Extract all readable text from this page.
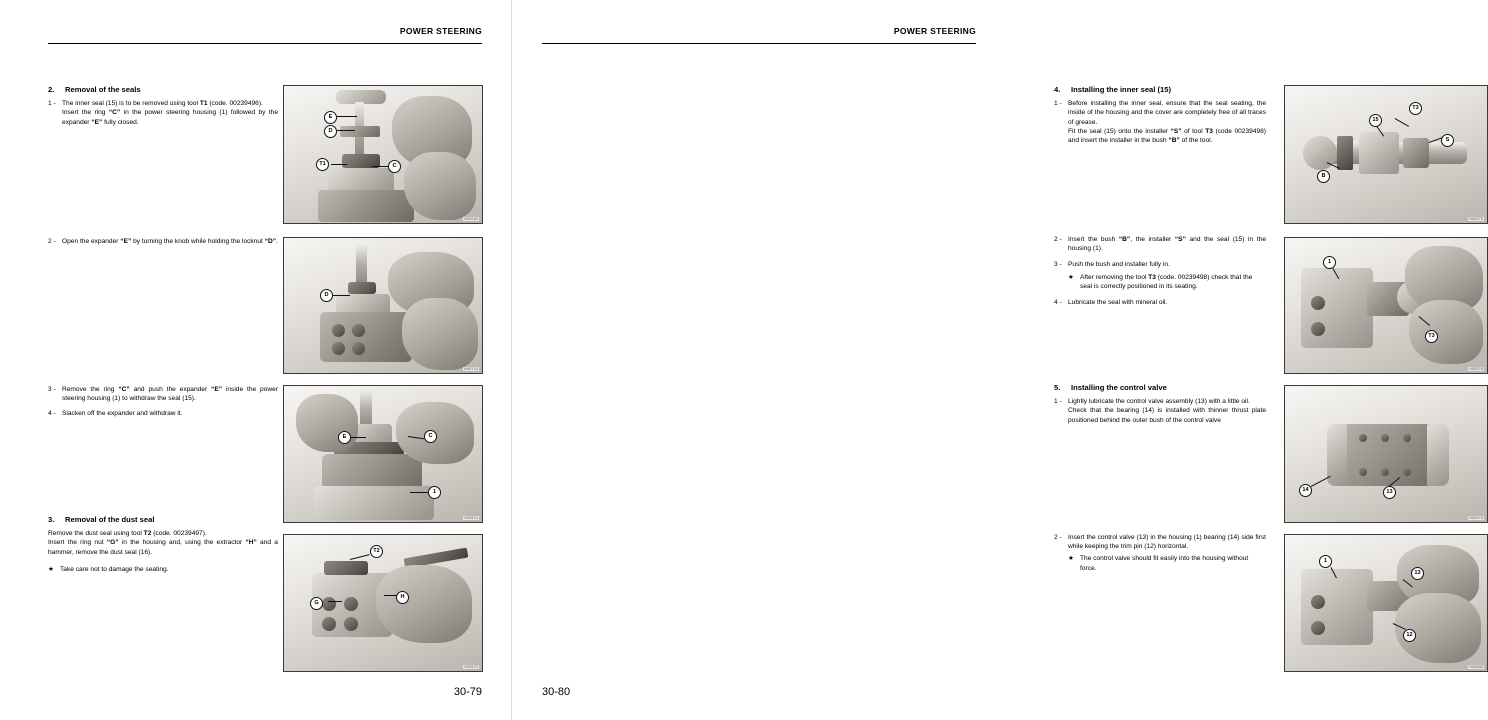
POWER STEERING
2.	Removal of the seals
1 - The inner seal (15) is to be removed using tool T1 (code. 00239496).
Insert the ring “C” in the power steering housing (1) followed by the expander “E” fully closed.
2 - Open the expander “E” by turning the knob while holding the locknut “D”.
3 - Remove the ring “C” and push the expander “E” inside the power steering housing (1) to withdraw the seal (15).
4 - Slacken off the expander and withdraw it.
3.	Removal of the dust seal
Remove the dust seal using tool T2 (code. 00239497).
Insert the ring nut “G” in the housing and, using the extractor “H” and a hammer, remove the dust seal (16).
★ Take care not to damage the seating.
E
D
T1	C
H00040
D
H00710
E	C
1
H00574
T2
G
H
H00572
30-79
POWER STEERING
4.	Installing the inner seal (15)
1 - Before installing the inner seal, ensure that the seal seating, the inside of the housing and the cover are completely free of all traces of grease.
Fit the seal (15) onto the installer “S” of tool T3 (code 00239498) and insert the installer in the bush “B” of the tool.
2 - Insert the bush “B”, the installer “S” and the seal (15) in the housing (1).
3 - Push the bush and installer fully in.
★ After removing the tool T3 (code. 00239498) check that the seal is correctly positioned in its seating.
4 - Lubricate the seal with mineral oil.
5.	Installing the control valve
1 - Lightly lubricate the control valve assembly (13) with a little oil.
Check that the bearing (14) is installed with thinner thrust plate positioned behind the outer bush of the control valve
2 - Insert the control valve (13) in the housing (1) bearing (14) side first while keeping the trim pin (12) horizontal.
★ The control valve should fit easily into the housing without force.
T3
15
S
B
H00576
1
T3
H00578
14	13
H00579
1
13
12
H00580
30-80
